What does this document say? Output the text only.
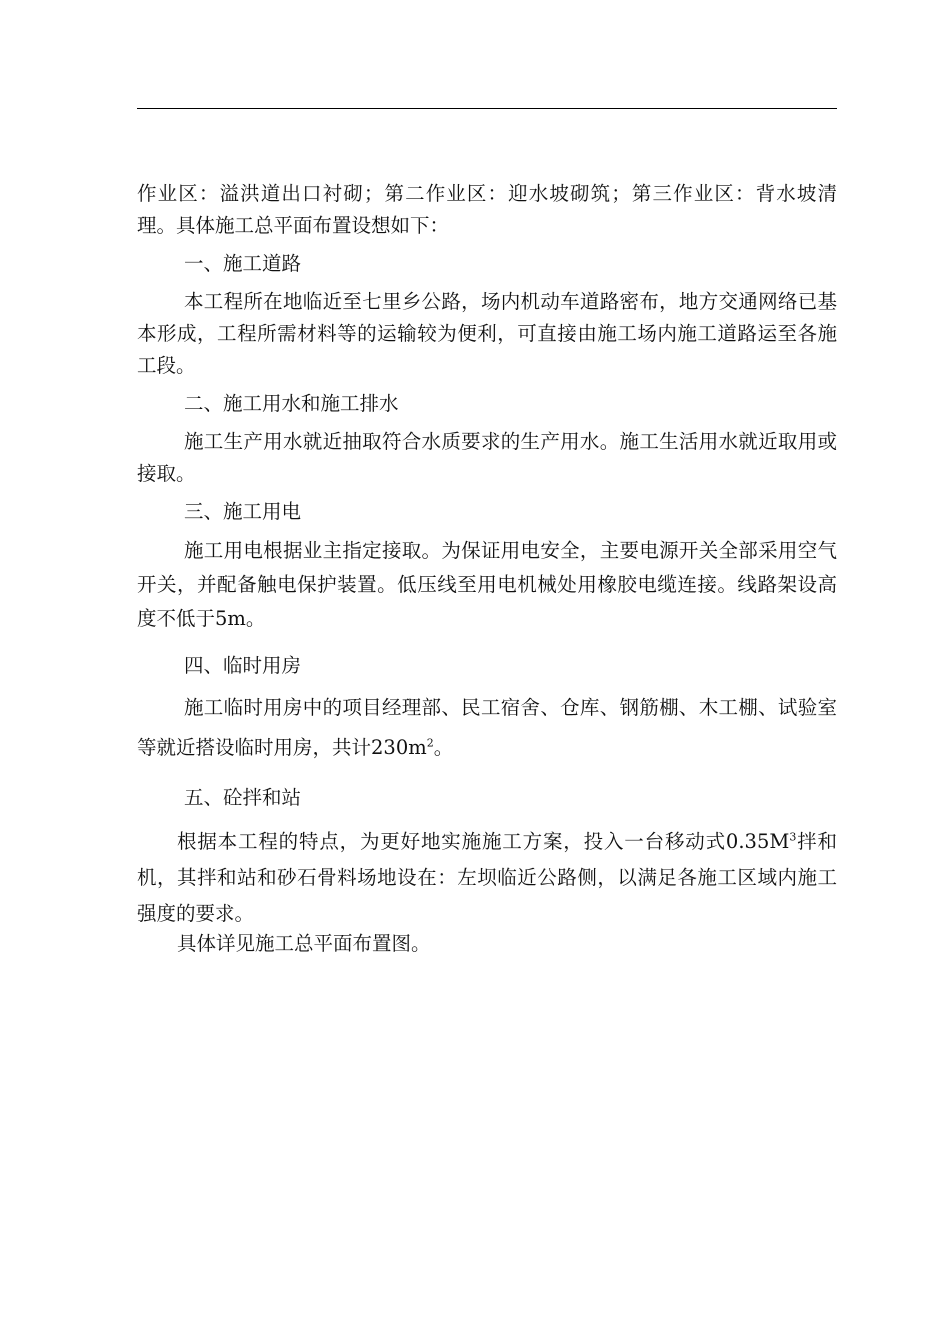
作业区：溢洪道出口衬砌；第二作业区：迎水坡砌筑；第三作业区：背水坡清理。具体施工总平面布置设想如下：

一、施工道路

本工程所在地临近至七里乡公路，场内机动车道路密布，地方交通网络已基本形成，工程所需材料等的运输较为便利，可直接由施工场内施工道路运至各施工段。

二、施工用水和施工排水

施工生产用水就近抽取符合水质要求的生产用水。施工生活用水就近取用或接取。

三、施工用电

施工用电根据业主指定接取。为保证用电安全，主要电源开关全部采用空气开关，并配备触电保护装置。低压线至用电机械处用橡胶电缆连接。线路架设高度不低于5m。

四、临时用房

施工临时用房中的项目经理部、民工宿舍、仓库、钢筋棚、木工棚、试验室等就近搭设临时用房，共计$230m^2$。

五、砼拌和站

根据本工程的特点，为更好地实施施工方案，投入一台移动式$0.35M^3$拌和机，其拌和站和砂石骨料场地设在：左坝临近公路侧，以满足各施工区域内施工强度的要求。

具体详见施工总平面布置图。
